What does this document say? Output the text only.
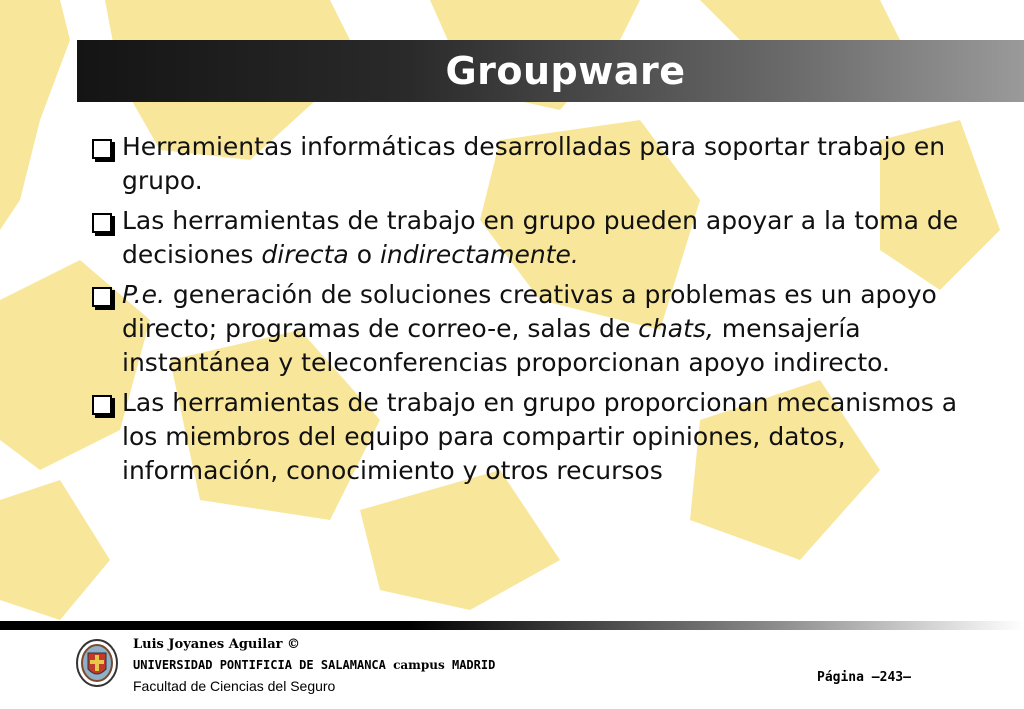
Groupware
Herramientas informáticas desarrolladas para soportar trabajo en grupo.
Las herramientas de trabajo en grupo pueden apoyar a la toma de decisiones directa o indirectamente.
P.e. generación de soluciones creativas a problemas es un apoyo directo; programas de correo-e, salas de chats, mensajería instantánea y teleconferencias proporcionan apoyo indirecto.
Las herramientas de trabajo en grupo proporcionan mecanismos a los miembros del equipo para compartir opiniones, datos, información, conocimiento y otros recursos
Luis Joyanes Aguilar ©
UNIVERSIDAD PONTIFICIA DE SALAMANCA campus MADRID
Facultad de Ciencias del Seguro
Página –243–
